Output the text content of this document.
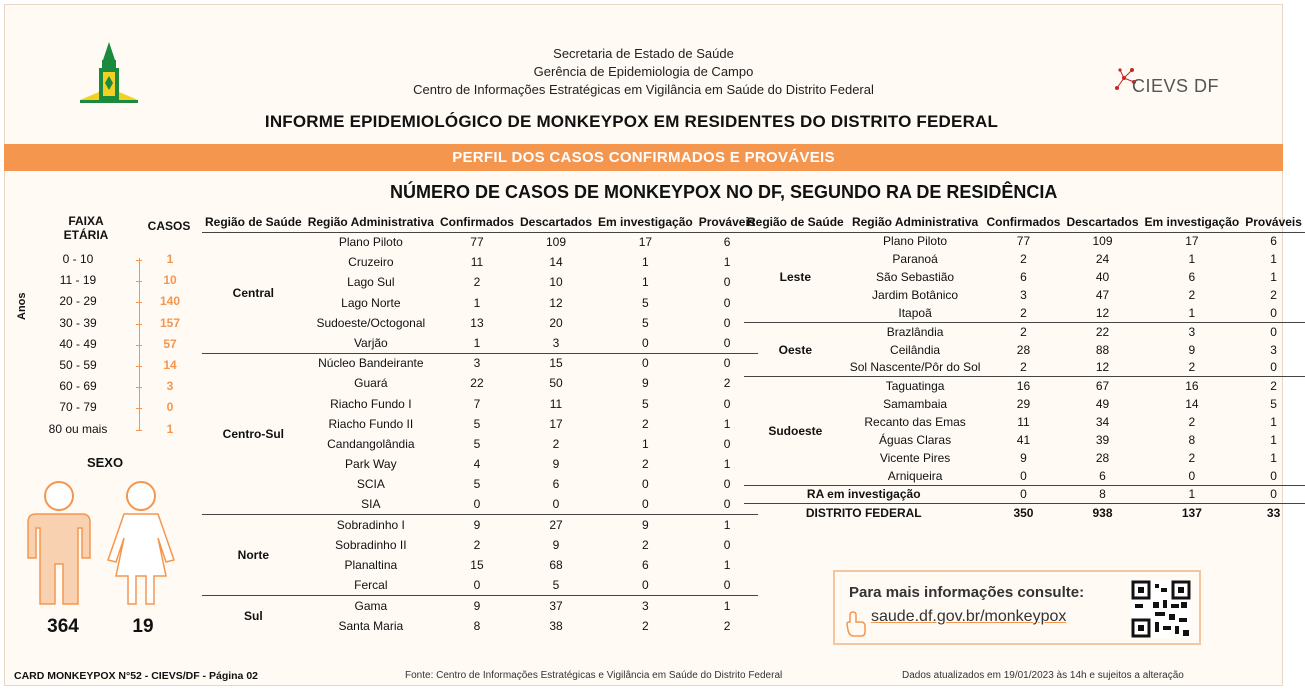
Secretaria de Estado de Saúde
Gerência de Epidemiologia de Campo
Centro de Informações Estratégicas em Vigilância em Saúde do Distrito Federal	CIEVS DF
INFORME EPIDEMIOLÓGICO DE MONKEYPOX EM RESIDENTES DO DISTRITO FEDERAL
PERFIL DOS CASOS CONFIRMADOS E PROVÁVEIS
NÚMERO DE CASOS DE MONKEYPOX NO DF, SEGUNDO RA DE RESIDÊNCIA
FAIXA
ETÁRIA
CASOS
Anos
0 - 10	1
11 - 19	10
20 - 29	140
30 - 39	157
40 - 49	57
50 - 59	14
60 - 69	3
70 - 79	0
80 ou mais	1
SEXO
364	19
Região de Saúde	Região Administrativa	Confirmados	Descartados	Em investigação	Prováveis
Central	Plano Piloto	77	109	17	6
	Cruzeiro	11	14	1	1
	Lago Sul	2	10	1	0
	Lago Norte	1	12	5	0
	Sudoeste/Octogonal	13	20	5	0
	Varjão	1	3	0	0
Centro-Sul	Núcleo Bandeirante	3	15	0	0
	Guará	22	50	9	2
	Riacho Fundo I	7	11	5	0
	Riacho Fundo II	5	17	2	1
	Candangolândia	5	2	1	0
	Park Way	4	9	2	1
	SCIA	5	6	0	0
	SIA	0	0	0	0
Norte	Sobradinho I	9	27	9	1
	Sobradinho II	2	9	2	0
	Planaltina	15	68	6	1
	Fercal	0	5	0	0
Sul	Gama	9	37	3	1
	Santa Maria	8	38	2	2
Região de Saúde	Região Administrativa	Confirmados	Descartados	Em investigação	Prováveis
Leste	Plano Piloto	77	109	17	6
	Paranoá	2	24	1	1
	São Sebastião	6	40	6	1
	Jardim Botânico	3	47	2	2
	Itapoã	2	12	1	0
Oeste	Brazlândia	2	22	3	0
	Ceilândia	28	88	9	3
	Sol Nascente/Pôr do Sol	2	12	2	0
Sudoeste	Taguatinga	16	67	16	2
	Samambaia	29	49	14	5
	Recanto das Emas	11	34	2	1
	Águas Claras	41	39	8	1
	Vicente Pires	9	28	2	1
	Arniqueira	0	6	0	0
RA em investigação		0	8	1	0
DISTRITO FEDERAL		350	938	137	33
Para mais informações consulte:
saude.df.gov.br/monkeypox
CARD MONKEYPOX N°52 - CIEVS/DF - Página 02	Fonte: Centro de Informações Estratégicas e Vigilância em Saúde do Distrito Federal	Dados atualizados em 19/01/2023 às 14h e sujeitos a alteração
